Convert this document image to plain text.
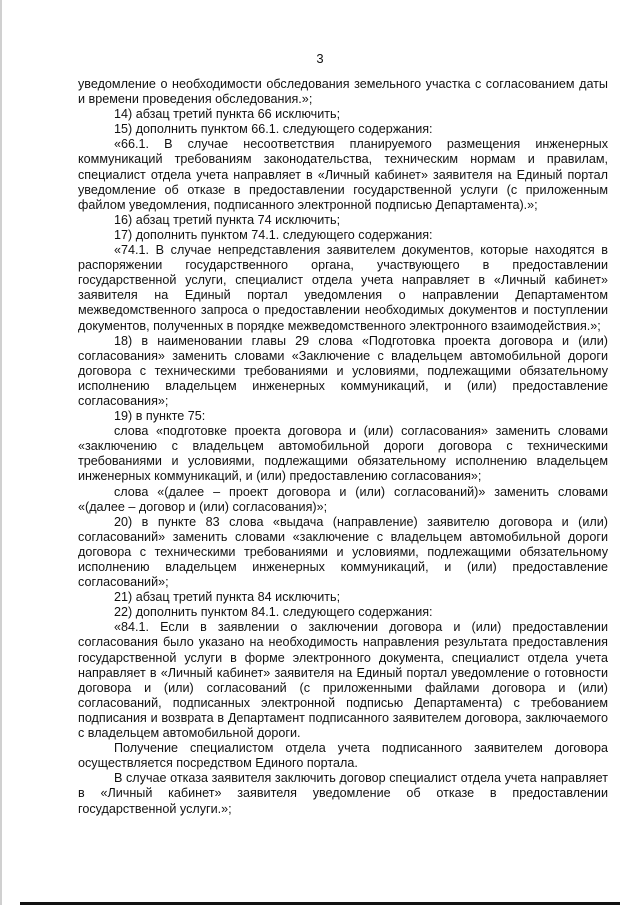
3

уведомление о необходимости обследования земельного участка с согласованием даты и времени проведения обследования.»;

14) абзац третий пункта 66 исключить;

15) дополнить пунктом 66.1. следующего содержания:

«66.1. В случае несоответствия планируемого размещения инженерных коммуникаций требованиям законодательства, техническим нормам и правилам, специалист отдела учета направляет в «Личный кабинет» заявителя на Единый портал уведомление об отказе в предоставлении государственной услуги (с приложенным файлом уведомления, подписанного электронной подписью Департамента).»;

16) абзац третий пункта 74 исключить;

17) дополнить пунктом 74.1. следующего содержания:

«74.1. В случае непредставления заявителем документов, которые находятся в распоряжении государственного органа, участвующего в предоставлении государственной услуги, специалист отдела учета направляет в «Личный кабинет» заявителя на Единый портал уведомления о направлении Департаментом межведомственного запроса о предоставлении необходимых документов и поступлении документов, полученных в порядке межведомственного электронного взаимодействия.»;

18) в наименовании главы 29 слова «Подготовка проекта договора и (или) согласования» заменить словами «Заключение с владельцем автомобильной дороги договора с техническими требованиями и условиями, подлежащими обязательному исполнению владельцем инженерных коммуникаций, и (или) предоставление согласования»;

19) в пункте 75:

слова «подготовке проекта договора и (или) согласования» заменить словами «заключению с владельцем автомобильной дороги договора с техническими требованиями и условиями, подлежащими обязательному исполнению владельцем инженерных коммуникаций, и (или) предоставлению согласования»;

слова «(далее – проект договора и (или) согласований)» заменить словами «(далее – договор и (или) согласования)»;

20) в пункте 83 слова «выдача (направление) заявителю договора и (или) согласований» заменить словами «заключение с владельцем автомобильной дороги договора с техническими требованиями и условиями, подлежащими обязательному исполнению владельцем инженерных коммуникаций, и (или) предоставление согласований»;

21) абзац третий пункта 84 исключить;

22) дополнить пунктом 84.1. следующего содержания:

«84.1. Если в заявлении о заключении договора и (или) предоставлении согласования было указано на необходимость направления результата предоставления государственной услуги в форме электронного документа, специалист отдела учета направляет в «Личный кабинет» заявителя на Единый портал уведомление о готовности договора и (или) согласований (с приложенными файлами договора и (или) согласований, подписанных электронной подписью Департамента) с требованием подписания и возврата в Департамент подписанного заявителем договора, заключаемого с владельцем автомобильной дороги.

Получение специалистом отдела учета подписанного заявителем договора осуществляется посредством Единого портала.

В случае отказа заявителя заключить договор специалист отдела учета направляет в «Личный кабинет» заявителя уведомление об отказе в предоставлении государственной услуги.»;
